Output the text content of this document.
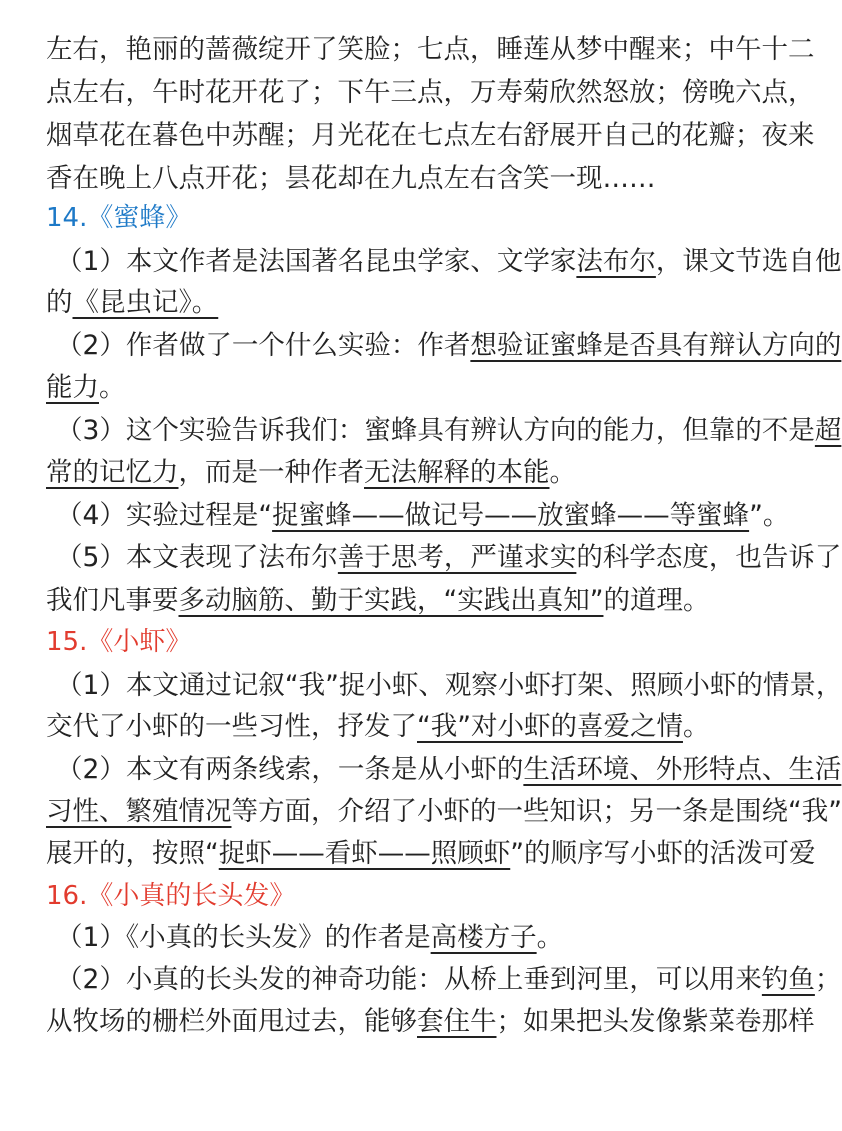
左右，艳丽的蔷薇绽开了笑脸；七点，睡莲从梦中醒来；中午十二
点左右，午时花开花了；下午三点，万寿菊欣然怒放；傍晚六点，
烟草花在暮色中苏醒；月光花在七点左右舒展开自己的花瓣；夜来
香在晚上八点开花；昙花却在九点左右含笑一现……
14.《蜜蜂》
（1）本文作者是法国著名昆虫学家、文学家法布尔，课文节选自他
的《昆虫记》。
（2）作者做了一个什么实验：作者想验证蜜蜂是否具有辩认方向的
能力。
（3）这个实验告诉我们：蜜蜂具有辨认方向的能力，但靠的不是超
常的记忆力，而是一种作者无法解释的本能。
（4）实验过程是“捉蜜蜂——做记号——放蜜蜂——等蜜蜂”。
（5）本文表现了法布尔善于思考，严谨求实的科学态度，也告诉了
我们凡事要多动脑筋、勤于实践，“实践出真知”的道理。
15.《小虾》
（1）本文通过记叙“我”捉小虾、观察小虾打架、照顾小虾的情景，
交代了小虾的一些习性，抒发了“我”对小虾的喜爱之情。
（2）本文有两条线索，一条是从小虾的生活环境、外形特点、生活
习性、繁殖情况等方面，介绍了小虾的一些知识；另一条是围绕“我”
展开的，按照“捉虾——看虾——照顾虾”的顺序写小虾的活泼可爱
16.《小真的长头发》
（1）《小真的长头发》的作者是高楼方子。
（2）小真的长头发的神奇功能：从桥上垂到河里，可以用来钓鱼；
从牧场的栅栏外面甩过去，能够套住牛；如果把头发像紫菜卷那样
